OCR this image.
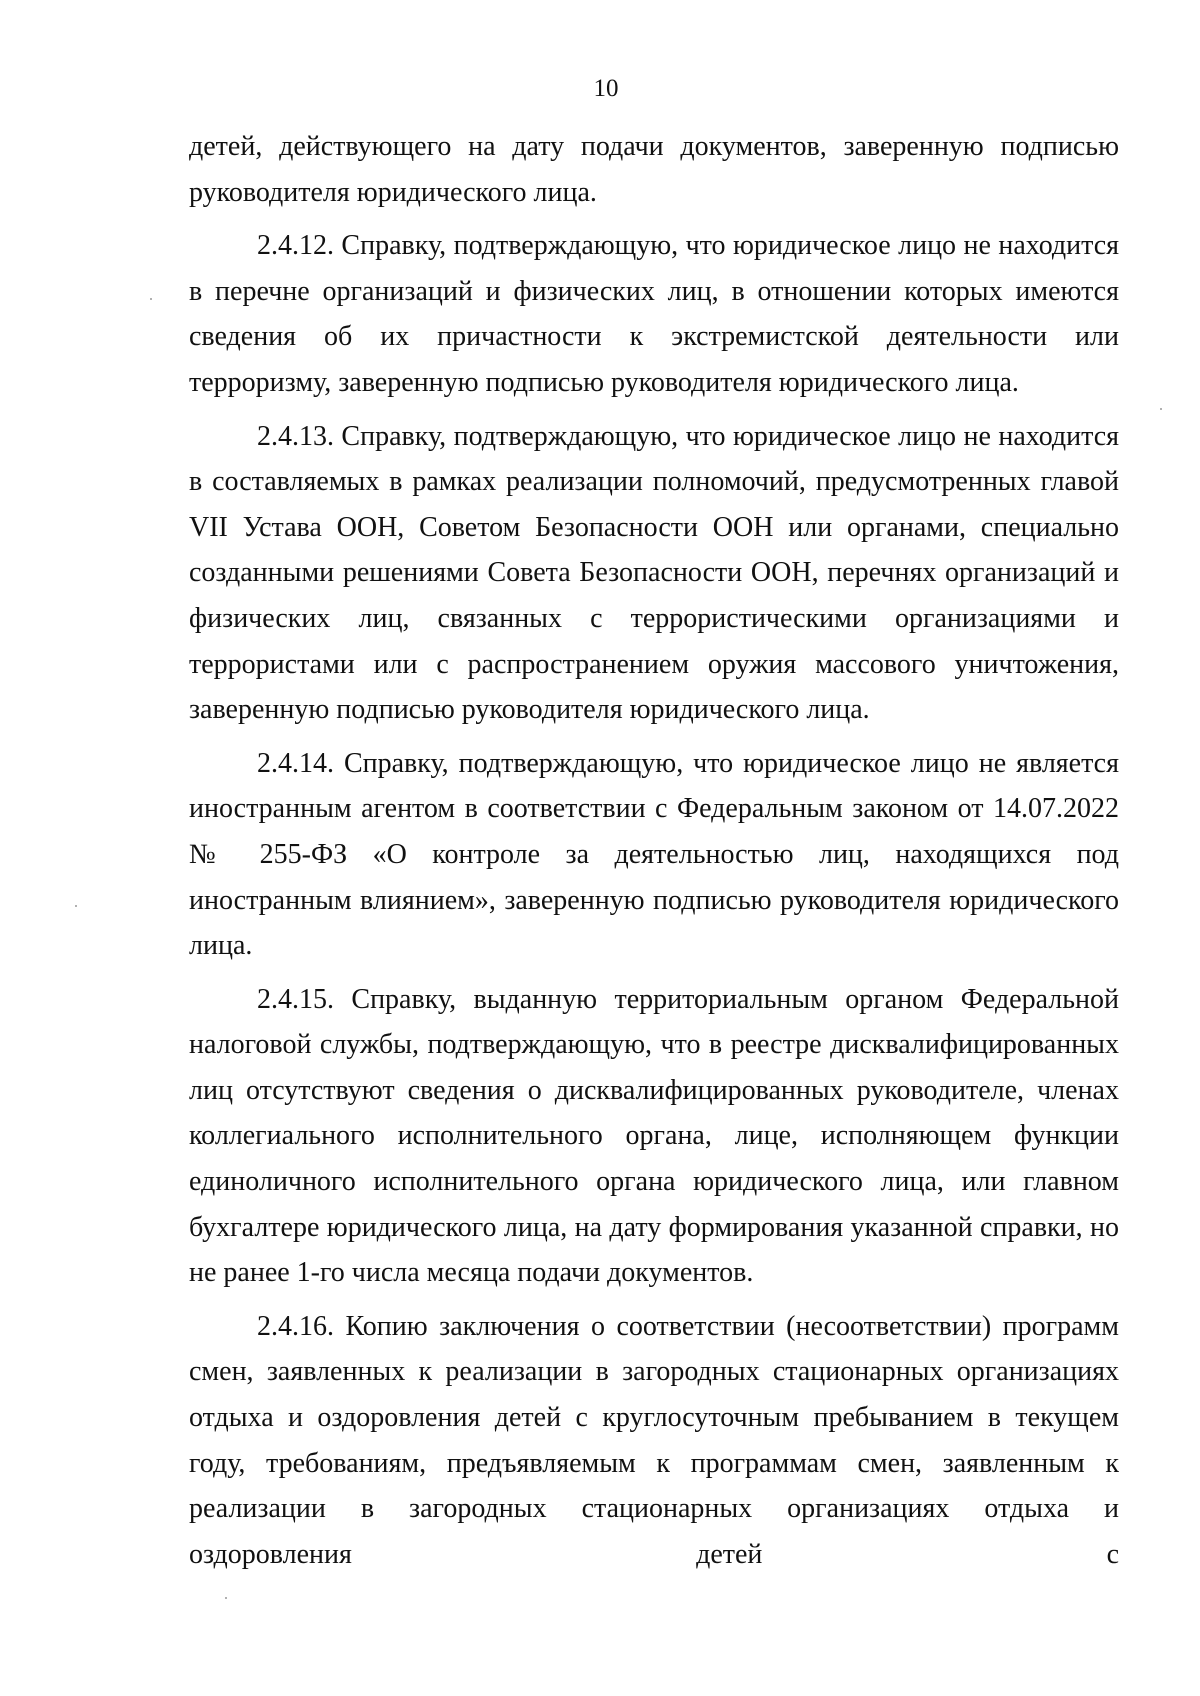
10

детей, действующего на дату подачи документов, заверенную подписью руководителя юридического лица.

2.4.12. Справку, подтверждающую, что юридическое лицо не находится в перечне организаций и физических лиц, в отношении которых имеются сведения об их причастности к экстремистской деятельности или терроризму, заверенную подписью руководителя юридического лица.

2.4.13. Справку, подтверждающую, что юридическое лицо не находится в составляемых в рамках реализации полномочий, предусмотренных главой VII Устава ООН, Советом Безопасности ООН или органами, специально созданными решениями Совета Безопасности ООН, перечнях организаций и физических лиц, связанных с террористическими организациями и террористами или с распространением оружия массового уничтожения, заверенную подписью руководителя юридического лица.

2.4.14. Справку, подтверждающую, что юридическое лицо не является иностранным агентом в соответствии с Федеральным законом от 14.07.2022 № 255-ФЗ «О контроле за деятельностью лиц, находящихся под иностранным влиянием», заверенную подписью руководителя юридического лица.

2.4.15. Справку, выданную территориальным органом Федеральной налоговой службы, подтверждающую, что в реестре дисквалифицированных лиц отсутствуют сведения о дисквалифицированных руководителе, членах коллегиального исполнительного органа, лице, исполняющем функции единоличного исполнительного органа юридического лица, или главном бухгалтере юридического лица, на дату формирования указанной справки, но не ранее 1-го числа месяца подачи документов.

2.4.16. Копию заключения о соответствии (несоответствии) программ смен, заявленных к реализации в загородных стационарных организациях отдыха и оздоровления детей с круглосуточным пребыванием в текущем году, требованиям, предъявляемым к программам смен, заявленным к реализации в загородных стационарных организациях отдыха и оздоровления детей с
